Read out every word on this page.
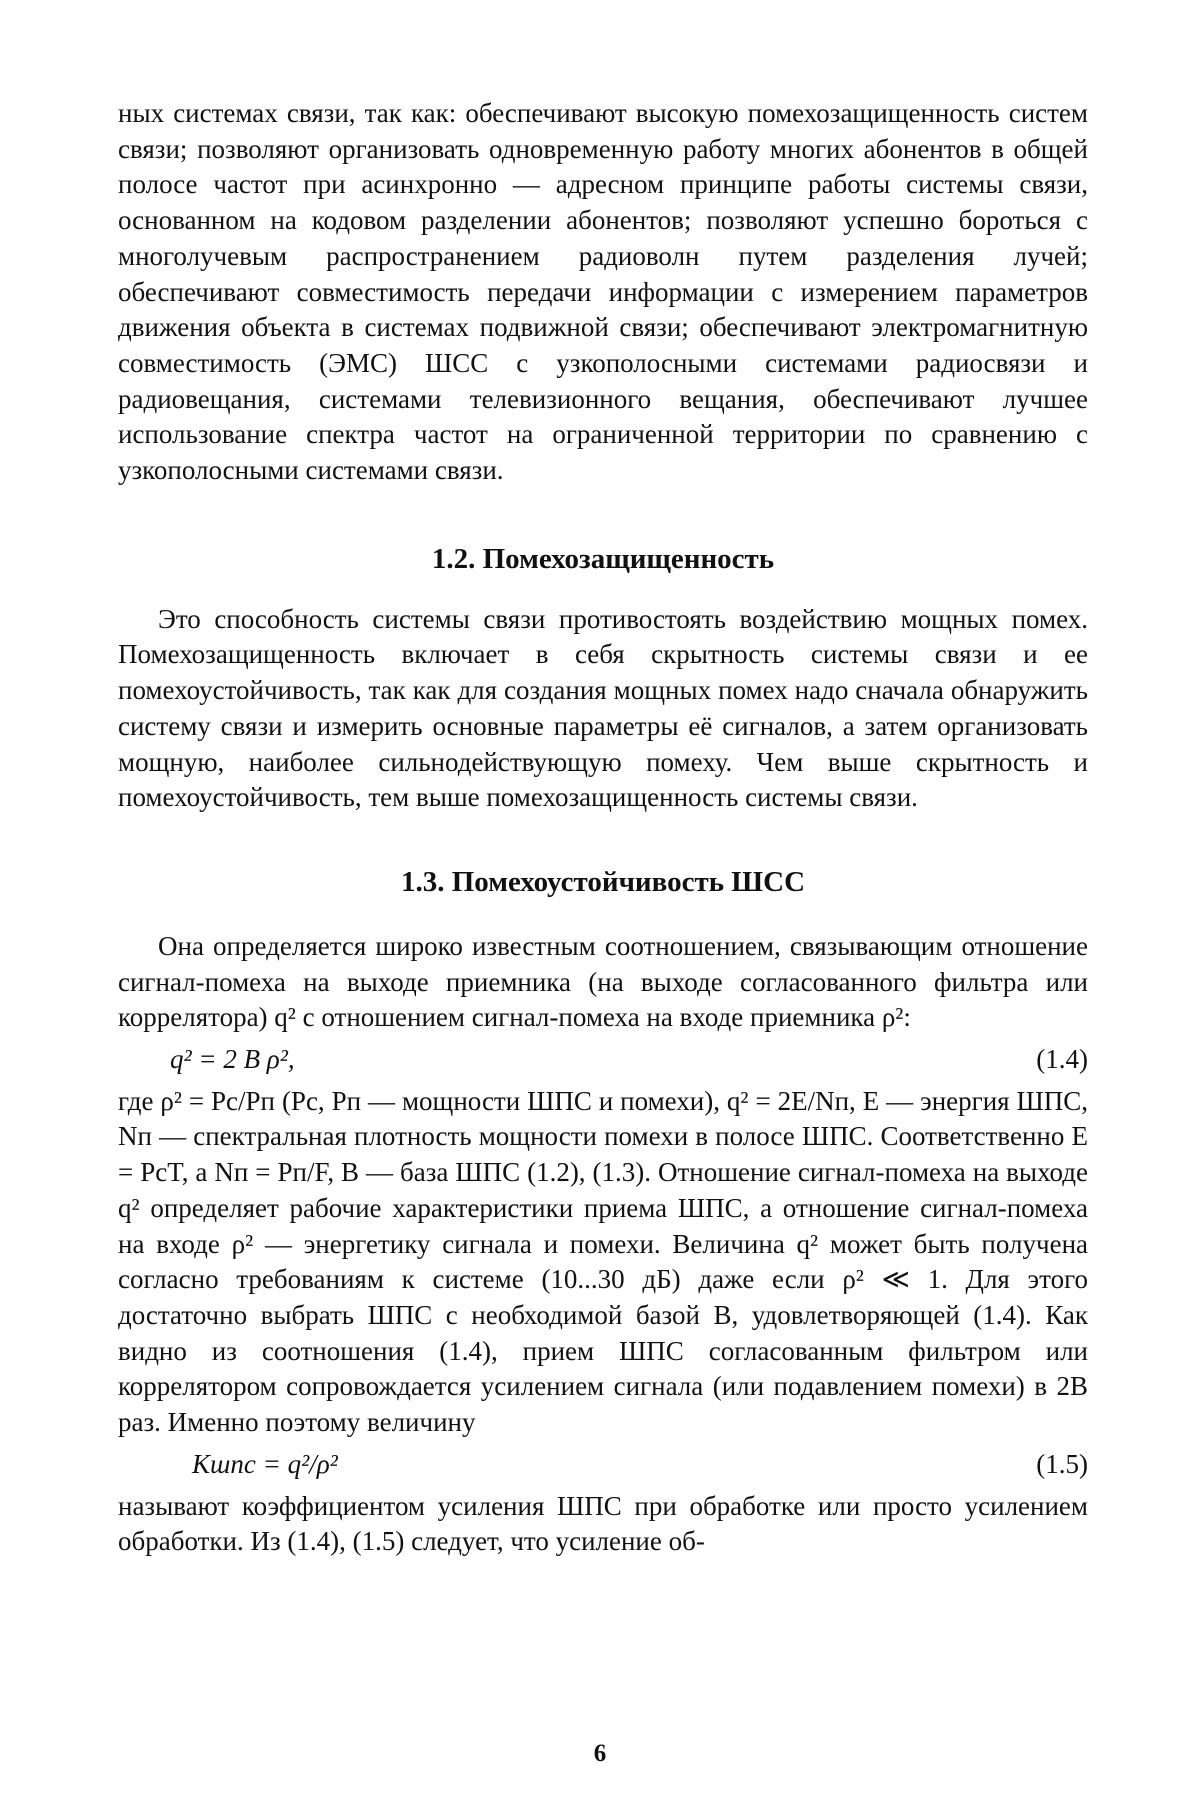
ных системах связи, так как: обеспечивают высокую помехозащищенность систем связи; позволяют организовать одновременную работу многих абонентов в общей полосе частот при асинхронно — адресном принципе работы системы связи, основанном на кодовом разделении абонентов; позволяют успешно бороться с многолучевым распространением радиоволн путем разделения лучей; обеспечивают совместимость передачи информации с измерением параметров движения объекта в системах подвижной связи; обеспечивают электромагнитную совместимость (ЭМС) ШСС с узкополосными системами радиосвязи и радиовещания, системами телевизионного вещания, обеспечивают лучшее использование спектра частот на ограниченной территории по сравнению с узкополосными системами связи.

1.2. Помехозащищенность

Это способность системы связи противостоять воздействию мощных помех. Помехозащищенность включает в себя скрытность системы связи и ее помехоустойчивость, так как для создания мощных помех надо сначала обнаружить систему связи и измерить основные параметры её сигналов, а затем организовать мощную, наиболее сильнодействующую помеху. Чем выше скрытность и помехоустойчивость, тем выше помехозащищенность системы связи.

1.3. Помехоустойчивость ШСС

Она определяется широко известным соотношением, связывающим отношение сигнал-помеха на выходе приемника (на выходе согласованного фильтра или коррелятора) q² с отношением сигнал-помеха на входе приемника ρ²:

q² = 2 B ρ²,	(1.4)

где ρ² = Pс/Pп (Pс, Pп — мощности ШПС и помехи), q² = 2E/Nп, E — энергия ШПС, Nп — спектральная плотность мощности помехи в полосе ШПС. Соответственно E = PсT, а Nп = Pп/F, B — база ШПС (1.2), (1.3). Отношение сигнал-помеха на выходе q² определяет рабочие характеристики приема ШПС, а отношение сигнал-помеха на входе ρ² — энергетику сигнала и помехи. Величина q² может быть получена согласно требованиям к системе (10...30 дБ) даже если ρ² ≪ 1. Для этого достаточно выбрать ШПС с необходимой базой B, удовлетворяющей (1.4). Как видно из соотношения (1.4), прием ШПС согласованным фильтром или коррелятором сопровождается усилением сигнала (или подавлением помехи) в 2B раз. Именно поэтому величину

Kшпс = q²/ρ²	(1.5)

называют коэффициентом усиления ШПС при обработке или просто усилением обработки. Из (1.4), (1.5) следует, что усиление об-

6
